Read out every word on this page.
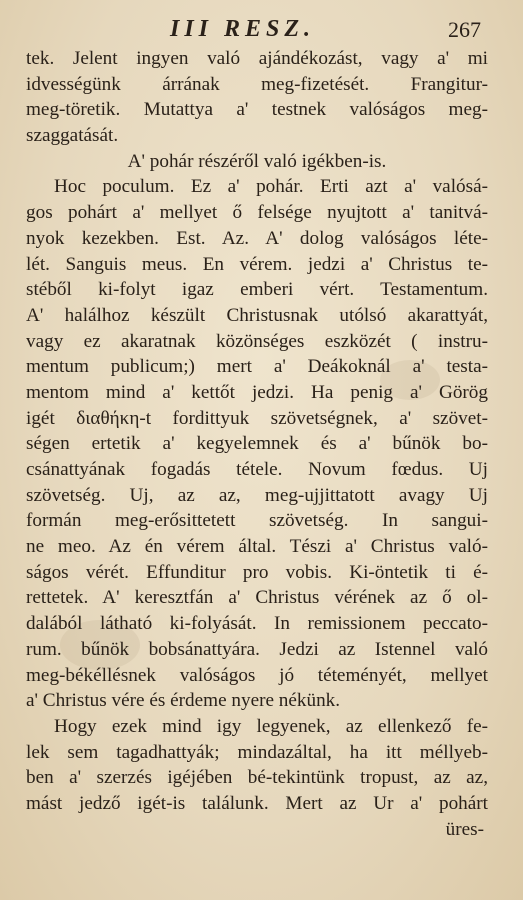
III RESZ.	267
tek. Jelent ingyen való ajándékozást, vagy a' mi
idvességünk árrának meg-fizetését. Frangitur-
meg-töretik. Mutattya a' testnek valóságos meg-
szaggatását.
A' pohár részéről való igékben-is.
Hoc poculum. Ez a' pohár. Erti azt a' valósá-
gos pohárt a' mellyet ő felsége nyujtott a' tanitvá-
nyok kezekben. Est. Az. A' dolog valóságos léte-
lét. Sanguis meus. En vérem. jedzi a' Christus te-
stéből ki-folyt igaz emberi vért. Testamentum.
A' halálhoz készült Christusnak utólsó akarattyát,
vagy ez akaratnak közönséges eszközét ( instru-
mentum publicum;) mert a' Deákoknál a' testa-
mentom mind a' kettőt jedzi. Ha penig a' Görög
igét διαθήκη-t fordittyuk szövetségnek, a' szövet-
ségen ertetik a' kegyelemnek és a' bűnök bo-
csánattyának fogadás tétele. Novum fœdus. Uj
szövetség. Uj, az az, meg-ujjittatott avagy Uj
formán meg-erősittetett szövetség. In sangui-
ne meo. Az én vérem által. Tészi a' Christus való-
ságos vérét. Effunditur pro vobis. Ki-öntetik ti é-
rettetek. A' keresztfán a' Christus vérének az ő ol-
dalából látható ki-folyását. In remissionem peccato-
rum. bűnök bobsánattyára. Jedzi az Istennel való
meg-békéllésnek valóságos jó téteményét, mellyet
a' Christus vére és érdeme nyere nékünk.
Hogy ezek mind igy legyenek, az ellenkező fe-
lek sem tagadhattyák; mindazáltal, ha itt méllyeb-
ben a' szerzés igéjében bé-tekintünk tropust, az az,
mást jedző igét-is találunk. Mert az Ur a' pohárt
üres-
